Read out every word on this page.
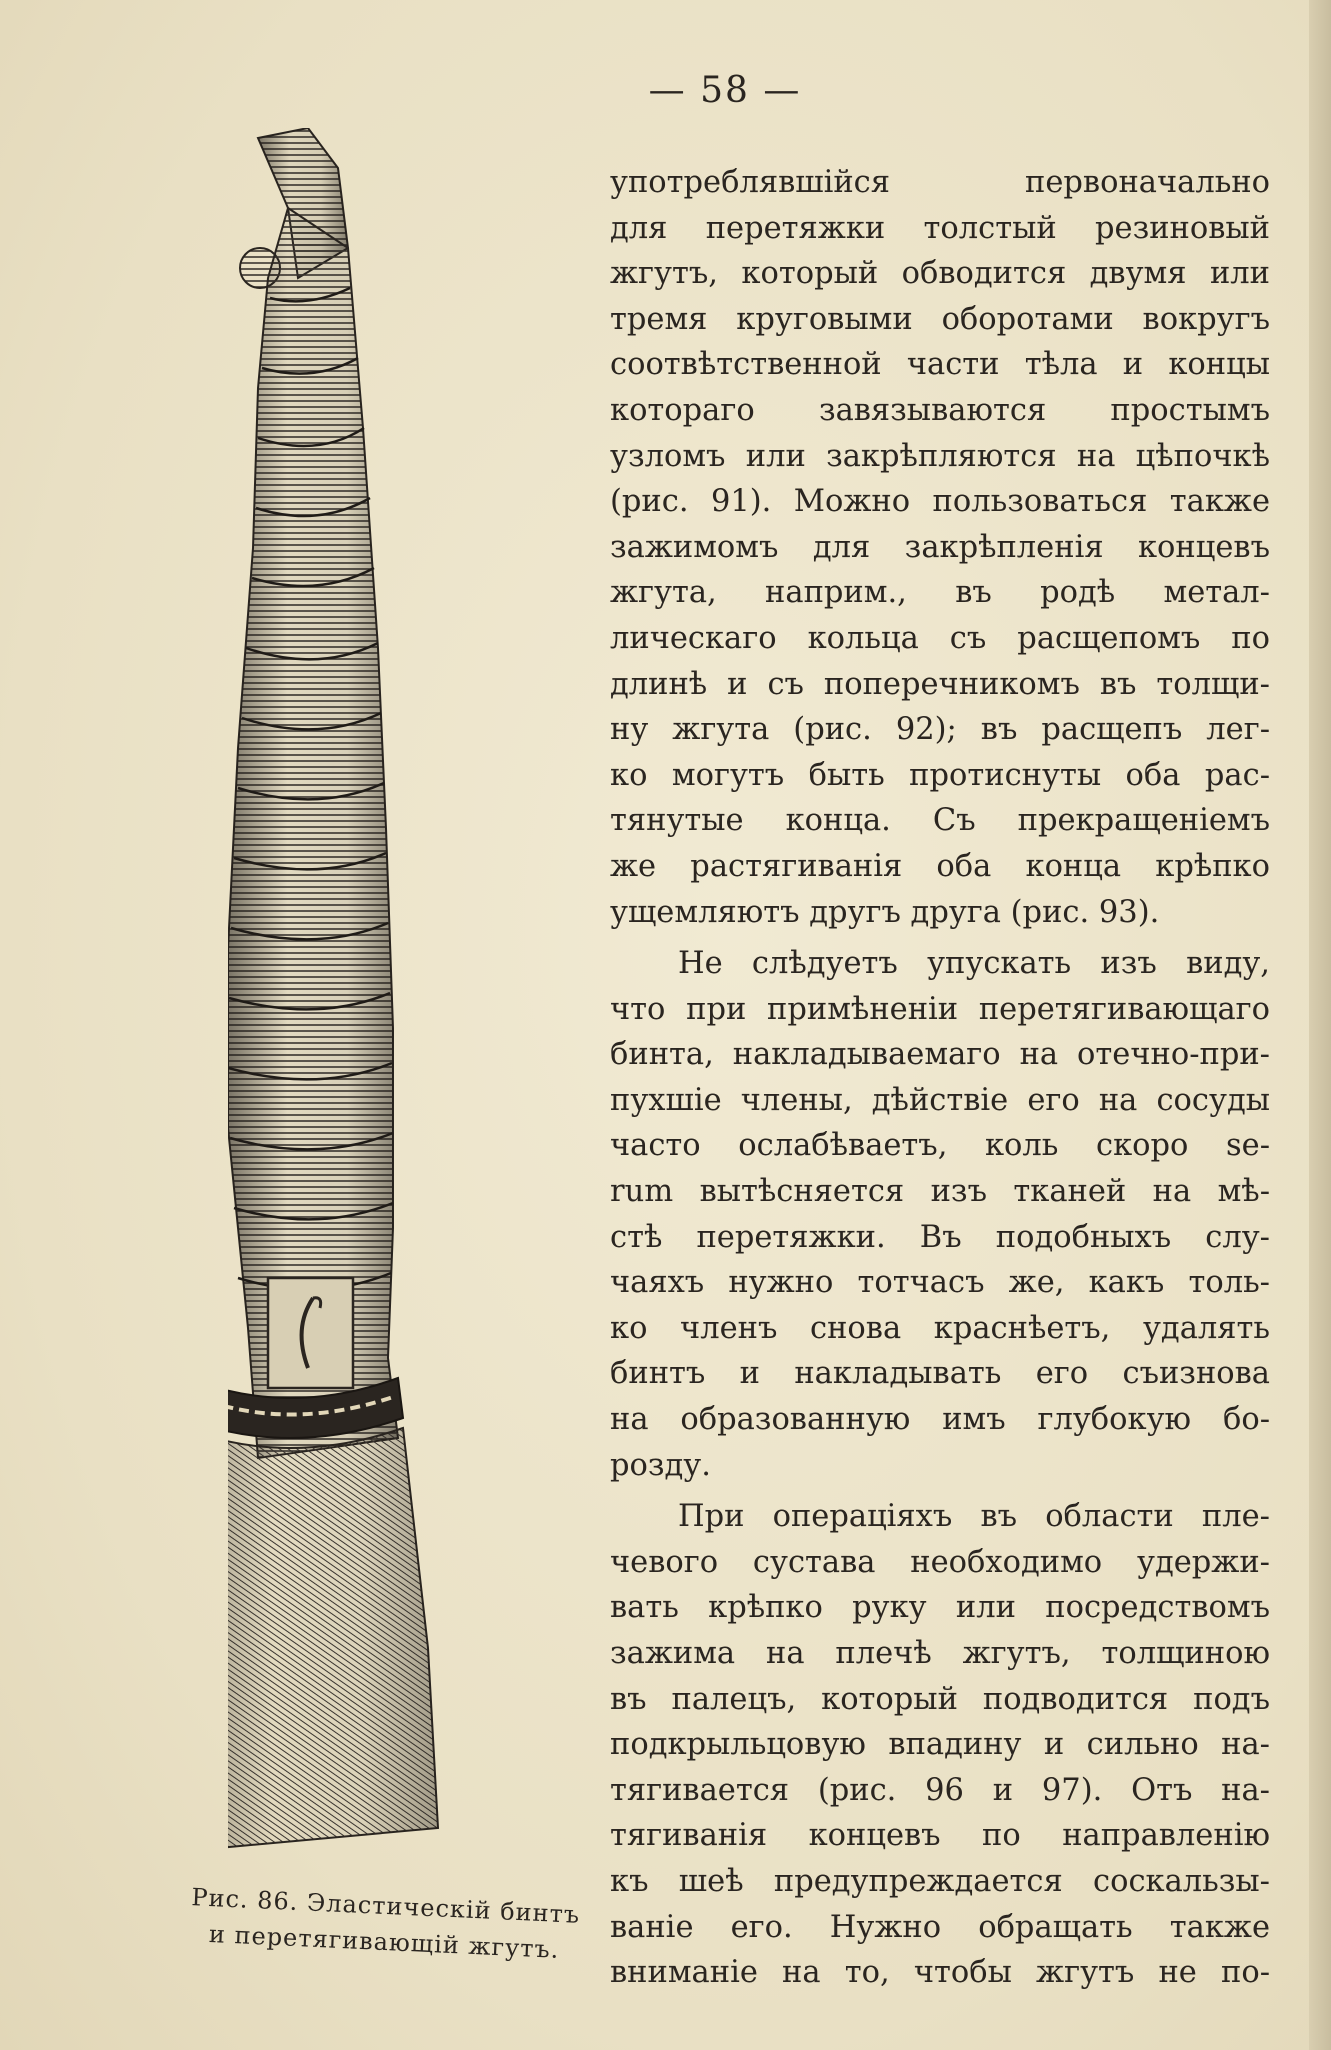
— 58 —
Рис. 86. Эластическій бинтъ
и перетягивающій жгутъ.
употреблявшійся первоначально
для перетяжки толстый резиновый
жгутъ, который обводится двумя или
тремя круговыми оборотами вокругъ
соотвѣтственной части тѣла и концы
котораго завязываются простымъ
узломъ или закрѣпляются на цѣпочкѣ
(рис. 91). Можно пользоваться также
зажимомъ для закрѣпленія концевъ
жгута, наприм., въ родѣ метал-
лическаго кольца съ расщепомъ по
длинѣ и съ поперечникомъ въ толщи-
ну жгута (рис. 92); въ расщепъ лег-
ко могутъ быть протиснуты оба рас-
тянутые конца. Съ прекращеніемъ
же растягиванія оба конца крѣпко
ущемляютъ другъ друга (рис. 93).
Не слѣдуетъ упускать изъ виду,
что при примѣненіи перетягивающаго
бинта, накладываемаго на отечно-при-
пухшіе члены, дѣйствіе его на сосуды
часто ослабѣваетъ, коль скоро se-
rum вытѣсняется изъ тканей на мѣ-
стѣ перетяжки. Въ подобныхъ слу-
чаяхъ нужно тотчасъ же, какъ толь-
ко членъ снова краснѣетъ, удалять
бинтъ и накладывать его съизнова
на образованную имъ глубокую бо-
розду.
При операціяхъ въ области пле-
чевого сустава необходимо удержи-
вать крѣпко руку или посредствомъ
зажима на плечѣ жгутъ, толщиною
въ палецъ, который подводится подъ
подкрыльцовую впадину и сильно на-
тягивается (рис. 96 и 97). Отъ на-
тягиванія концевъ по направленію
къ шеѣ предупреждается соскальзы-
ваніе его. Нужно обращать также
вниманіе на то, чтобы жгутъ не по-
